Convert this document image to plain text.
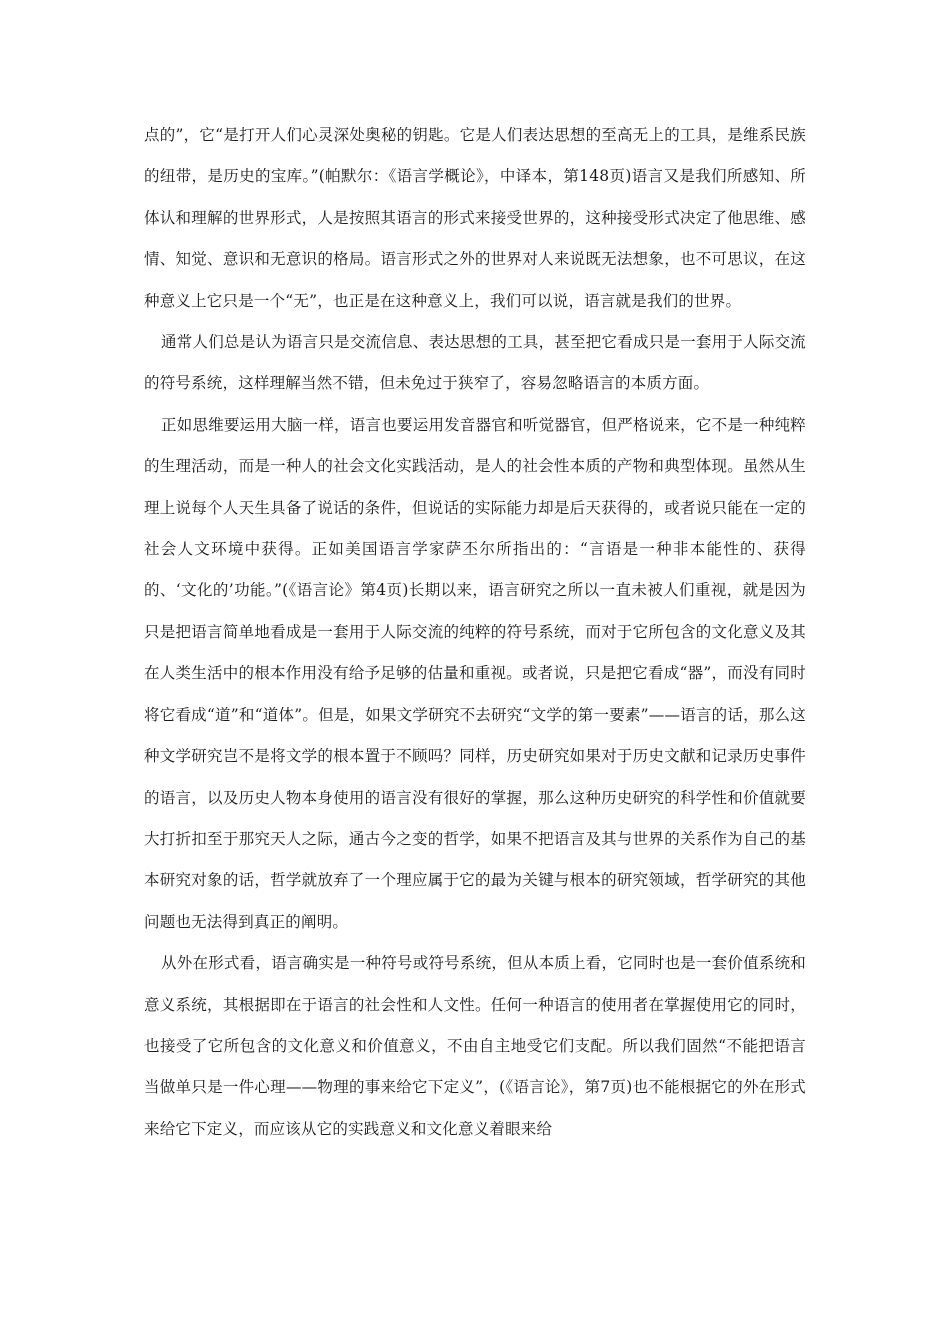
点的”，它“是打开人们心灵深处奥秘的钥匙。它是人们表达思想的至高无上的工具，是维系民族的纽带，是历史的宝库。”(帕默尔：《语言学概论》，中译本，第148页)语言又是我们所感知、所体认和理解的世界形式，人是按照其语言的形式来接受世界的，这种接受形式决定了他思维、感情、知觉、意识和无意识的格局。语言形式之外的世界对人来说既无法想象，也不可思议，在这种意义上它只是一个“无”，也正是在这种意义上，我们可以说，语言就是我们的世界。

通常人们总是认为语言只是交流信息、表达思想的工具，甚至把它看成只是一套用于人际交流的符号系统，这样理解当然不错，但未免过于狭窄了，容易忽略语言的本质方面。

正如思维要运用大脑一样，语言也要运用发音器官和听觉器官，但严格说来，它不是一种纯粹的生理活动，而是一种人的社会文化实践活动，是人的社会性本质的产物和典型体现。虽然从生理上说每个人天生具备了说话的条件，但说话的实际能力却是后天获得的，或者说只能在一定的社会人文环境中获得。正如美国语言学家萨丕尔所指出的：“言语是一种非本能性的、获得的、‘文化的’功能。”(《语言论》第4页)长期以来，语言研究之所以一直未被人们重视，就是因为只是把语言简单地看成是一套用于人际交流的纯粹的符号系统，而对于它所包含的文化意义及其在人类生活中的根本作用没有给予足够的估量和重视。或者说，只是把它看成“器”，而没有同时将它看成“道”和“道体”。但是，如果文学研究不去研究“文学的第一要素”——语言的话，那么这种文学研究岂不是将文学的根本置于不顾吗？同样，历史研究如果对于历史文献和记录历史事件的语言，以及历史人物本身使用的语言没有很好的掌握，那么这种历史研究的科学性和价值就要大打折扣至于那究天人之际，通古今之变的哲学，如果不把语言及其与世界的关系作为自己的基本研究对象的话，哲学就放弃了一个理应属于它的最为关键与根本的研究领域，哲学研究的其他问题也无法得到真正的阐明。

从外在形式看，语言确实是一种符号或符号系统，但从本质上看，它同时也是一套价值系统和意义系统，其根据即在于语言的社会性和人文性。任何一种语言的使用者在掌握使用它的同时，也接受了它所包含的文化意义和价值意义，不由自主地受它们支配。所以我们固然“不能把语言当做单只是一件心理——物理的事来给它下定义”，(《语言论》，第7页)也不能根据它的外在形式来给它下定义，而应该从它的实践意义和文化意义着眼来给
